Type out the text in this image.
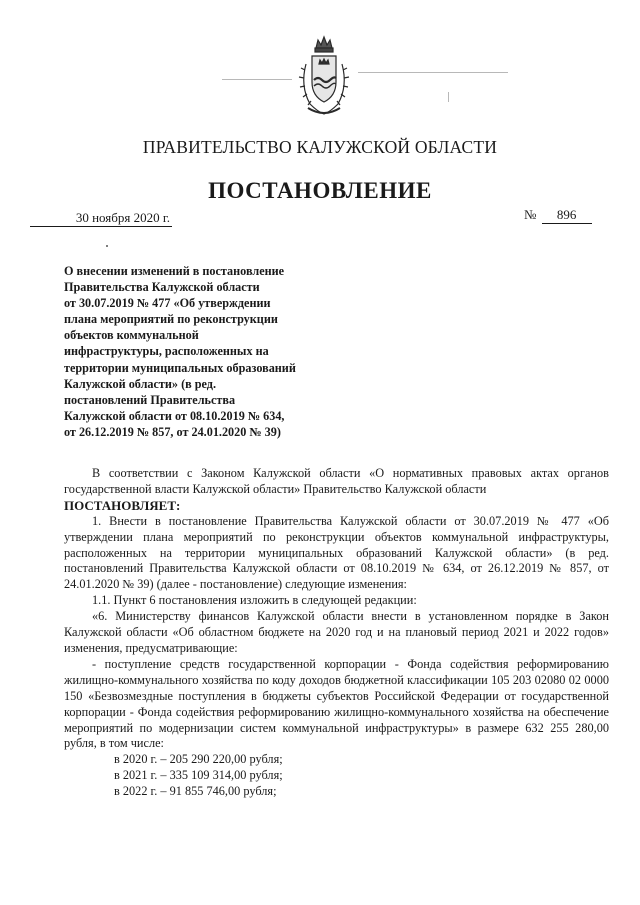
ПРАВИТЕЛЬСТВО КАЛУЖСКОЙ ОБЛАСТИ
ПОСТАНОВЛЕНИЕ
30 ноября 2020 г.	№ 896
О внесении изменений в постановление
Правительства Калужской области
от 30.07.2019 № 477 «Об утверждении
плана мероприятий по реконструкции
объектов коммунальной
инфраструктуры, расположенных на
территории муниципальных образований
Калужской области» (в ред.
постановлений Правительства
Калужской области от 08.10.2019 № 634,
от 26.12.2019 № 857, от 24.01.2020 № 39)

В соответствии с Законом Калужской области «О нормативных правовых актах органов государственной власти Калужской области» Правительство Калужской области

ПОСТАНОВЛЯЕТ:

1. Внести в постановление Правительства Калужской области от 30.07.2019 № 477 «Об утверждении плана мероприятий по реконструкции объектов коммунальной инфраструктуры, расположенных на территории муниципальных образований Калужской области» (в ред. постановлений Правительства Калужской области от 08.10.2019 № 634, от 26.12.2019 № 857, от 24.01.2020 № 39) (далее - постановление) следующие изменения:

1.1. Пункт 6 постановления изложить в следующей редакции:

«6. Министерству финансов Калужской области внести в установленном порядке в Закон Калужской области «Об областном бюджете на 2020 год и на плановый период 2021 и 2022 годов» изменения, предусматривающие:

- поступление средств государственной корпорации - Фонда содействия реформированию жилищно-коммунального хозяйства по коду доходов бюджетной классификации 105 203 02080 02 0000 150 «Безвозмездные поступления в бюджеты субъектов Российской Федерации от государственной корпорации - Фонда содействия реформированию жилищно-коммунального хозяйства на обеспечение мероприятий по модернизации систем коммунальной инфраструктуры» в размере 632 255 280,00 рубля, в том числе:

в 2020 г. – 205 290 220,00 рубля;

в 2021 г. – 335 109 314,00 рубля;

в 2022 г. – 91 855 746,00 рубля;
